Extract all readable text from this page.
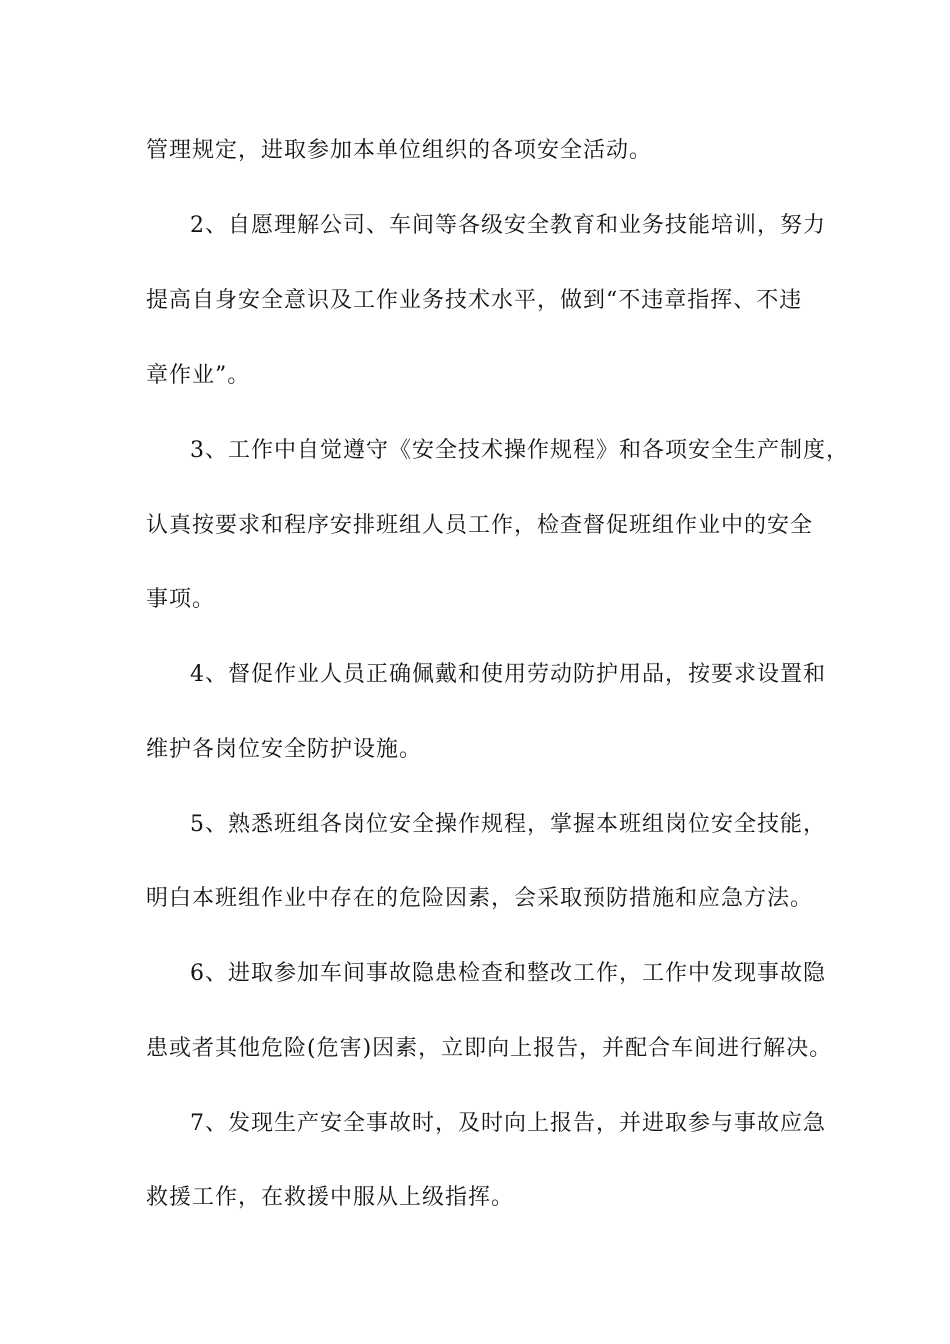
管理规定，进取参加本单位组织的各项安全活动。
2、自愿理解公司、车间等各级安全教育和业务技能培训，努力
提高自身安全意识及工作业务技术水平，做到“不违章指挥、不违
章作业”。
3、工作中自觉遵守《安全技术操作规程》和各项安全生产制度，
认真按要求和程序安排班组人员工作，检查督促班组作业中的安全
事项。
4、督促作业人员正确佩戴和使用劳动防护用品，按要求设置和
维护各岗位安全防护设施。
5、熟悉班组各岗位安全操作规程，掌握本班组岗位安全技能，
明白本班组作业中存在的危险因素，会采取预防措施和应急方法。
6、进取参加车间事故隐患检查和整改工作，工作中发现事故隐
患或者其他危险(危害)因素，立即向上报告，并配合车间进行解决。
7、发现生产安全事故时，及时向上报告，并进取参与事故应急
救援工作，在救援中服从上级指挥。
